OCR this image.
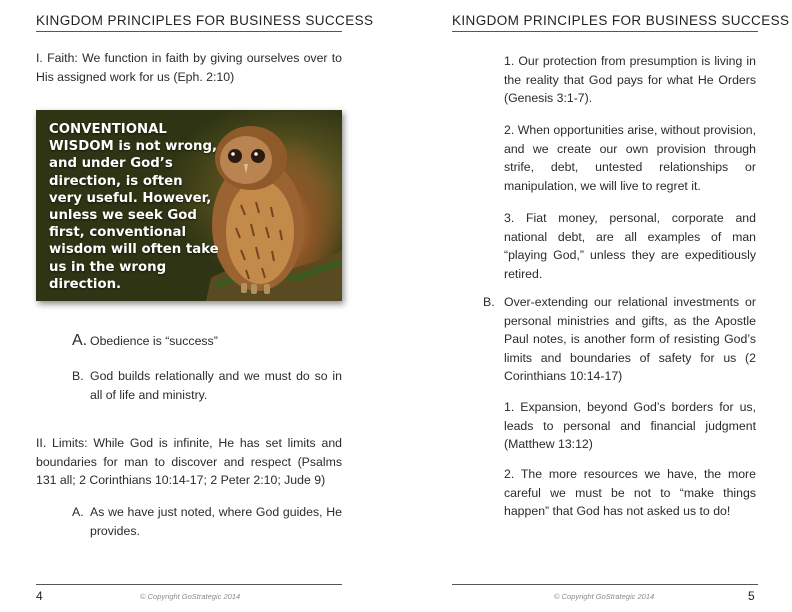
KINGDOM PRINCIPLES FOR BUSINESS SUCCESS
I. Faith: We function in faith by giving ourselves over to His assigned work for us (Eph. 2:10)
CONVENTIONAL WISDOM is not wrong, and under God’s direction, is often very useful. However, unless we seek God first, conventional wisdom will often take us in the wrong direction.
A. Obedience is “success”
B. God builds relationally and we must do so in all of life and ministry.
II. Limits: While God is infinite, He has set limits and boundaries for man to discover and respect (Psalms 131 all; 2 Corinthians 10:14-17; 2 Peter 2:10; Jude 9)
A. As we have just noted, where God guides, He provides.
4	© Copyright GoStrategic 2014
KINGDOM PRINCIPLES FOR BUSINESS SUCCESS
1. Our protection from presumption is living in the reality that God pays for what He Orders (Genesis 3:1-7).
2. When opportunities arise, without provision, and we create our own provision through strife, debt, untested relationships or manipulation, we will live to regret it.
3. Fiat money, personal, corporate and national debt, are all examples of man “playing God,” unless they are expeditiously retired.
B. Over-extending our relational investments or personal ministries and gifts, as the Apostle Paul notes, is another form of resisting God’s limits and boundaries of safety for us (2 Corinthians 10:14-17)
1. Expansion, beyond God’s borders for us, leads to personal and financial judgment (Matthew 13:12)
2. The more resources we have, the more careful we must be not to “make things happen” that God has not asked us to do!
© Copyright GoStrategic 2014	5
